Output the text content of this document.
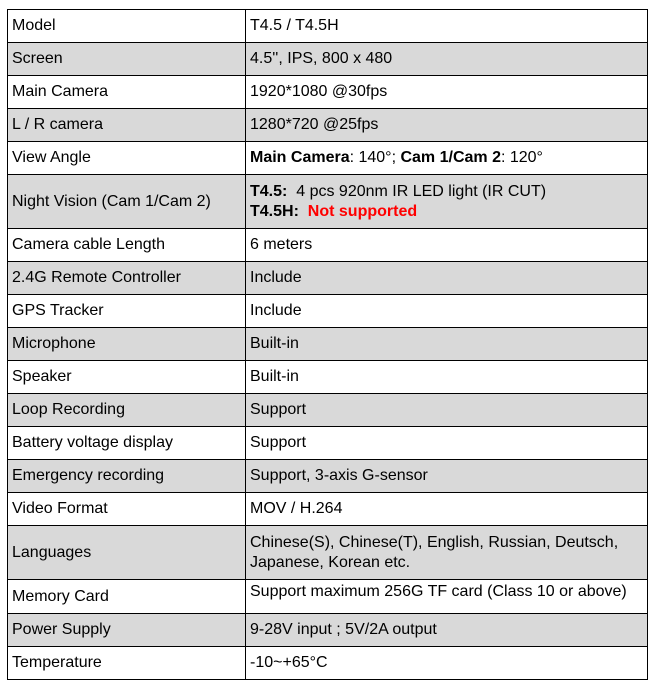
Model	T4.5 / T4.5H
Screen	4.5'', IPS, 800 x 480
Main Camera	1920*1080 @30fps
L / R camera	1280*720 @25fps
View Angle	Main Camera: 140°; Cam 1/Cam 2: 120°
Night Vision (Cam 1/Cam 2)	T4.5:  4 pcs 920nm IR LED light (IR CUT)
T4.5H: Not supported
Camera cable Length	6 meters
2.4G Remote Controller	Include
GPS Tracker	Include
Microphone	Built-in
Speaker	Built-in
Loop Recording	Support
Battery voltage display	Support
Emergency recording	Support, 3-axis G-sensor
Video Format	MOV / H.264
Languages	Chinese(S), Chinese(T), English, Russian, Deutsch, Japanese, Korean etc.
Memory Card	Support maximum 256G TF card (Class 10 or above)

Power Supply	9-28V input ; 5V/2A output
Temperature	-10~+65°C
